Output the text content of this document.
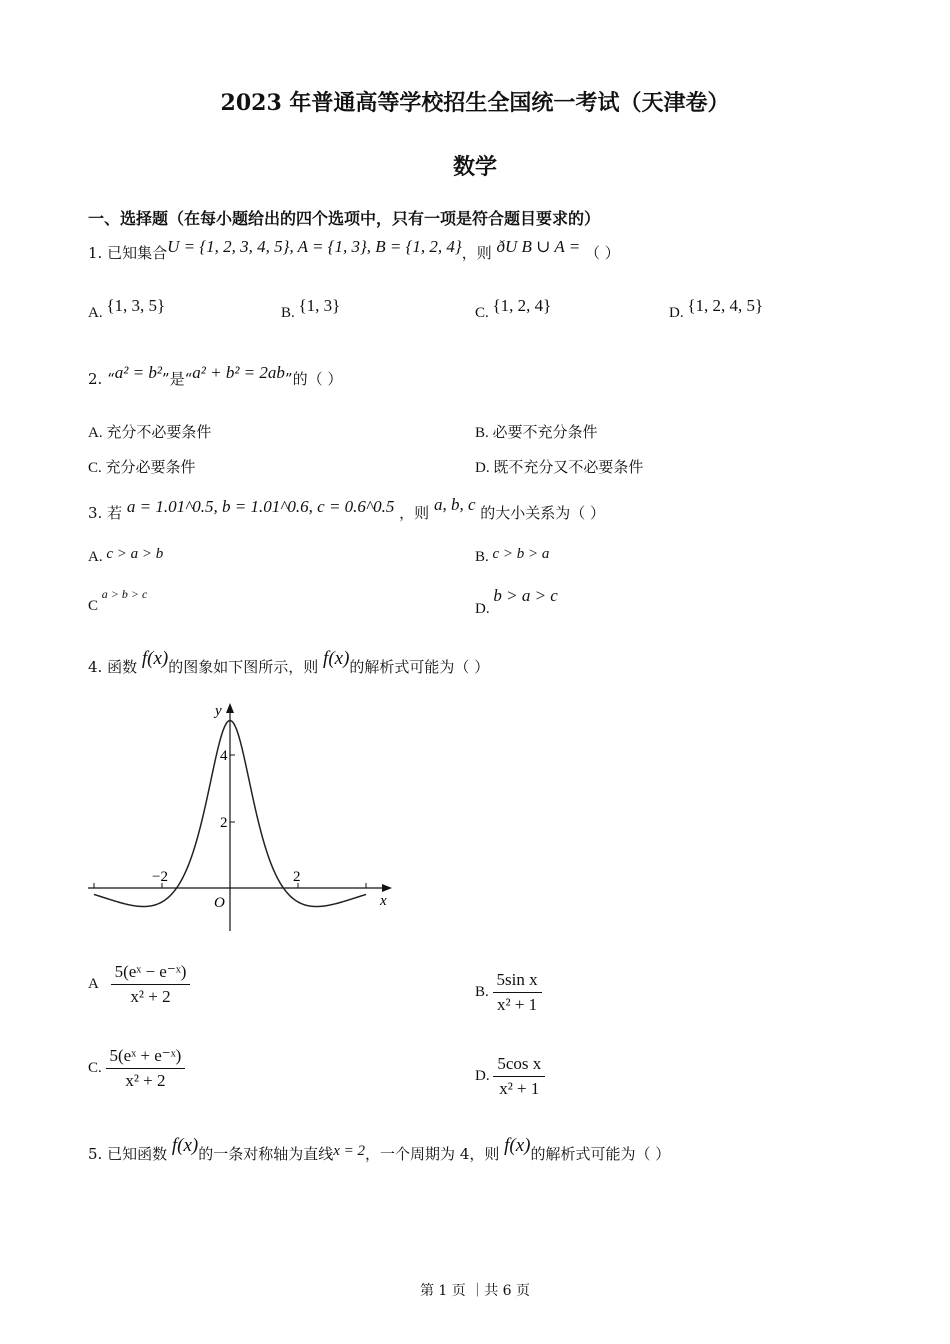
2023 年普通高等学校招生全国统一考试（天津卷）
数学
一、选择题（在每小题给出的四个选项中，只有一项是符合题目要求的）
1. 已知集合U = {1, 2, 3, 4, 5}, A = {1, 3}, B = {1, 2, 4}，则 ðU B ∪ A = （ ）
A. {1, 3, 5}	B. {1, 3}	C. {1, 2, 4}	D. {1, 2, 4, 5}
2. “a² = b²”是“a² + b² = 2ab”的（ ）
A. 充分不必要条件	B. 必要不充分条件
C. 充分必要条件	D. 既不充分又不必要条件
3. 若 a = 1.01^0.5, b = 1.01^0.6, c = 0.6^0.5 ，则 a, b, c 的大小关系为（ ）
A. c > a > b	B. c > b > a
C $^{a > b > c}$
D. b > a > c
4. 函数 f(x)的图象如下图所示，则 f(x)的解析式可能为（ ）
y
x
O
4
2
−2	2
A $\frac{\text{5(eˣ − e⁻ˣ)}}{\text{x² + 2}}$	B. $\frac{\text{5sin x}}{\text{x² + 1}}$
C. $\frac{\text{5(eˣ + e⁻ˣ)}}{\text{x² + 2}}$	D. $\frac{\text{5cos x}}{\text{x² + 1}}$
5. 已知函数 f(x)的一条对称轴为直线x = 2，一个周期为 4，则 f(x)的解析式可能为（ ）
第 1 页 ｜共 6 页
